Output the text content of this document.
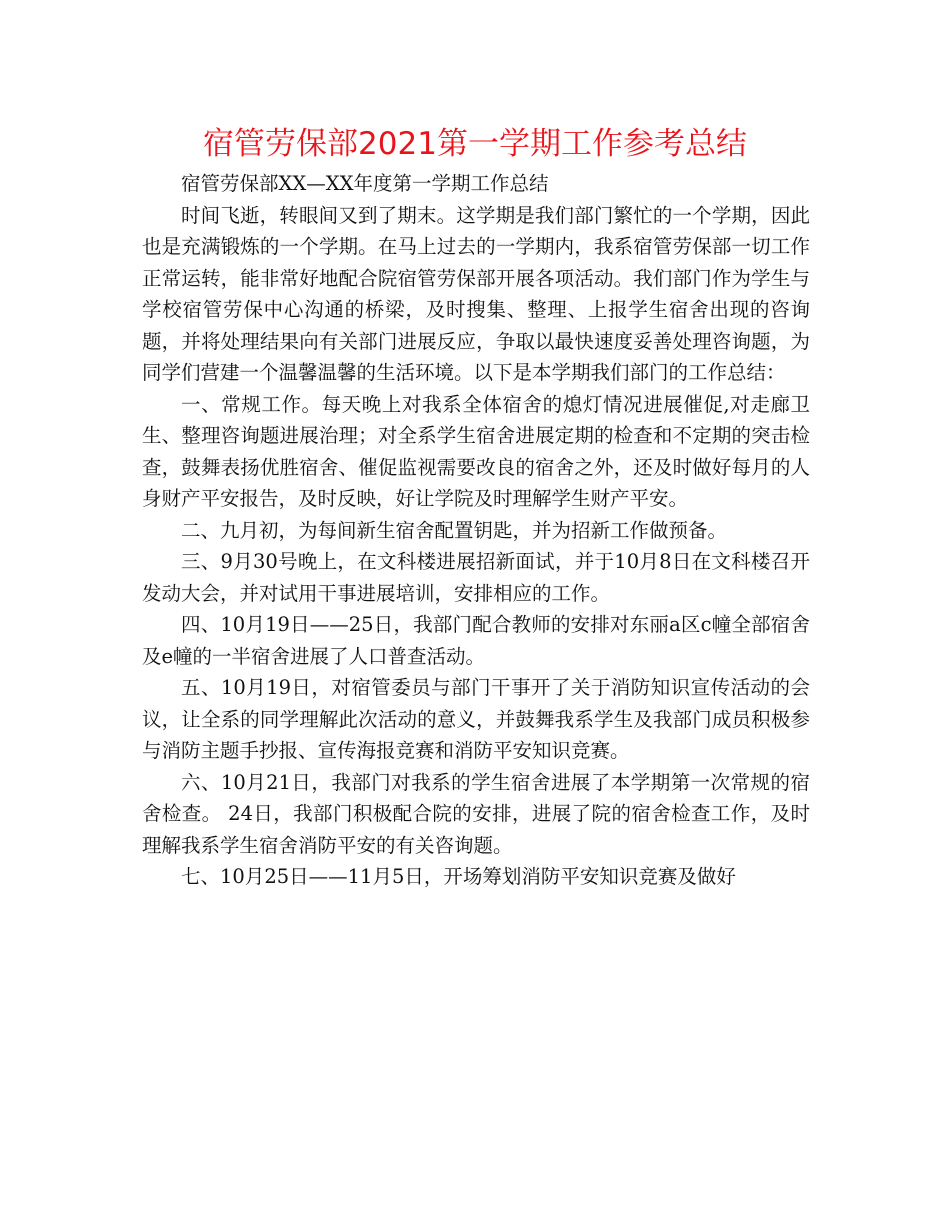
宿管劳保部2021第一学期工作参考总结

宿管劳保部XX—XX年度第一学期工作总结

时间飞逝，转眼间又到了期末。这学期是我们部门繁忙的一个学期，因此也是充满锻炼的一个学期。在马上过去的一学期内，我系宿管劳保部一切工作正常运转，能非常好地配合院宿管劳保部开展各项活动。我们部门作为学生与学校宿管劳保中心沟通的桥梁，及时搜集、整理、上报学生宿舍出现的咨询题，并将处理结果向有关部门进展反应，争取以最快速度妥善处理咨询题，为同学们营建一个温馨温馨的生活环境。以下是本学期我们部门的工作总结：

一、常规工作。每天晚上对我系全体宿舍的熄灯情况进展催促,对走廊卫生、整理咨询题进展治理；对全系学生宿舍进展定期的检查和不定期的突击检查，鼓舞表扬优胜宿舍、催促监视需要改良的宿舍之外，还及时做好每月的人身财产平安报告，及时反映，好让学院及时理解学生财产平安。

二、九月初，为每间新生宿舍配置钥匙，并为招新工作做预备。

三、9月30号晚上，在文科楼进展招新面试，并于10月8日在文科楼召开发动大会，并对试用干事进展培训，安排相应的工作。

四、10月19日——25日，我部门配合教师的安排对东丽a区c幢全部宿舍及e幢的一半宿舍进展了人口普查活动。

五、10月19日，对宿管委员与部门干事开了关于消防知识宣传活动的会议，让全系的同学理解此次活动的意义，并鼓舞我系学生及我部门成员积极参与消防主题手抄报、宣传海报竞赛和消防平安知识竞赛。

六、10月21日，我部门对我系的学生宿舍进展了本学期第一次常规的宿舍检查。 24日，我部门积极配合院的安排，进展了院的宿舍检查工作，及时理解我系学生宿舍消防平安的有关咨询题。

七、10月25日——11月5日，开场筹划消防平安知识竞赛及做好
